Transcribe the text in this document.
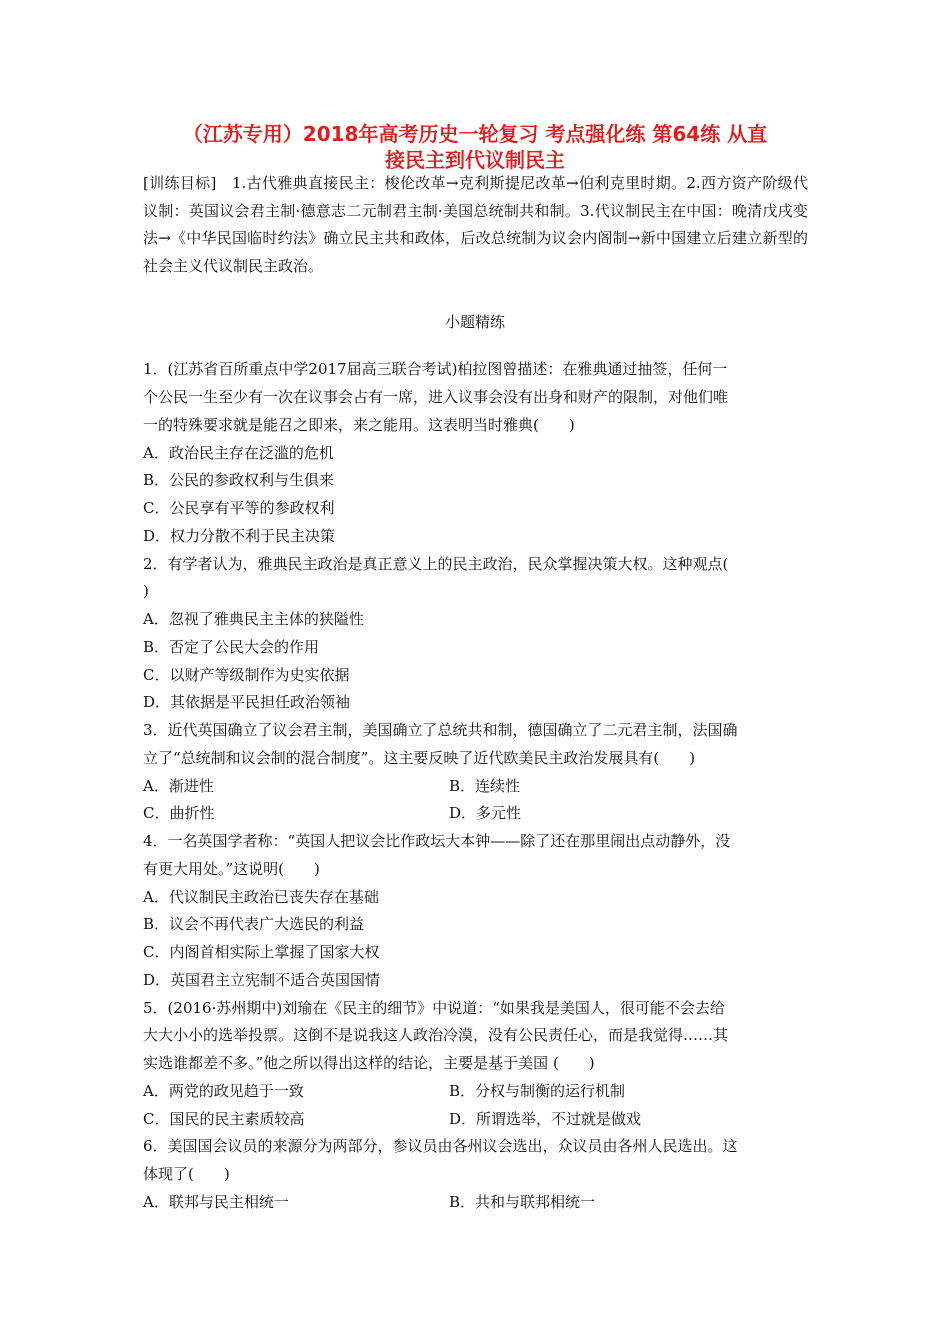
（江苏专用）2018年高考历史一轮复习 考点强化练 第64练 从直
接民主到代议制民主
[训练目标]　1.古代雅典直接民主：梭伦改革→克利斯提尼改革→伯利克里时期。2.西方资产阶级代议制：英国议会君主制·德意志二元制君主制·美国总统制共和制。3.代议制民主在中国：晚清戊戌变法→《中华民国临时约法》确立民主共和政体，后改总统制为议会内阁制→新中国建立后建立新型的社会主义代议制民主政治。
小题精练
1．(江苏省百所重点中学2017届高三联合考试)柏拉图曾描述：在雅典通过抽签，任何一
个公民一生至少有一次在议事会占有一席，进入议事会没有出身和财产的限制，对他们唯
一的特殊要求就是能召之即来，来之能用。这表明当时雅典(　　)
A．政治民主存在泛滥的危机
B．公民的参政权利与生俱来
C．公民享有平等的参政权利
D．权力分散不利于民主决策
2．有学者认为，雅典民主政治是真正意义上的民主政治，民众掌握决策大权。这种观点(
)
A．忽视了雅典民主主体的狭隘性
B．否定了公民大会的作用
C．以财产等级制作为史实依据
D．其依据是平民担任政治领袖
3．近代英国确立了议会君主制，美国确立了总统共和制，德国确立了二元君主制，法国确
立了“总统制和议会制的混合制度”。这主要反映了近代欧美民主政治发展具有(　　)
A．渐进性	B．连续性
C．曲折性	D．多元性
4．一名英国学者称：“英国人把议会比作政坛大本钟——除了还在那里闹出点动静外，没
有更大用处。”这说明(　　)
A．代议制民主政治已丧失存在基础
B．议会不再代表广大选民的利益
C．内阁首相实际上掌握了国家大权
D．英国君主立宪制不适合英国国情
5．(2016·苏州期中)刘瑜在《民主的细节》中说道：“如果我是美国人，很可能不会去给
大大小小的选举投票。这倒不是说我这人政治冷漠，没有公民责任心，而是我觉得……其
实选谁都差不多。”他之所以得出这样的结论，主要是基于美国 (　　)
A．两党的政见趋于一致	B．分权与制衡的运行机制
C．国民的民主素质较高	D．所谓选举，不过就是做戏
6．美国国会议员的来源分为两部分，参议员由各州议会选出，众议员由各州人民选出。这
体现了(　　)
A．联邦与民主相统一	B．共和与联邦相统一
